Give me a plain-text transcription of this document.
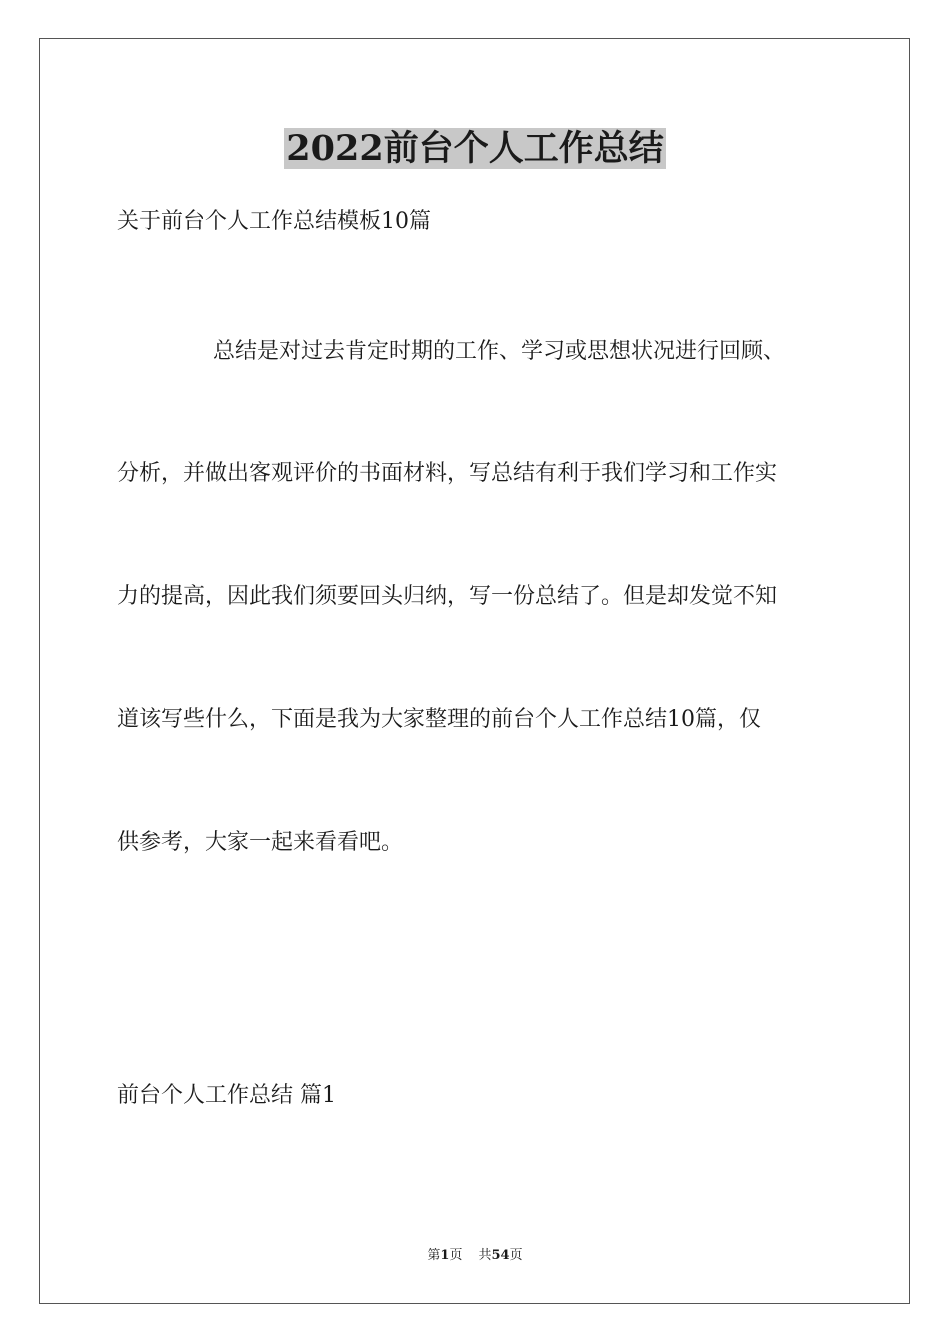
2022前台个人工作总结
关于前台个人工作总结模板10篇
总结是对过去肯定时期的工作、学习或思想状况进行回顾、
分析，并做出客观评价的书面材料，写总结有利于我们学习和工作实
力的提高，因此我们须要回头归纳，写一份总结了。但是却发觉不知
道该写些什么，下面是我为大家整理的前台个人工作总结10篇，仅
供参考，大家一起来看看吧。
前台个人工作总结 篇1
第1页 共54页
